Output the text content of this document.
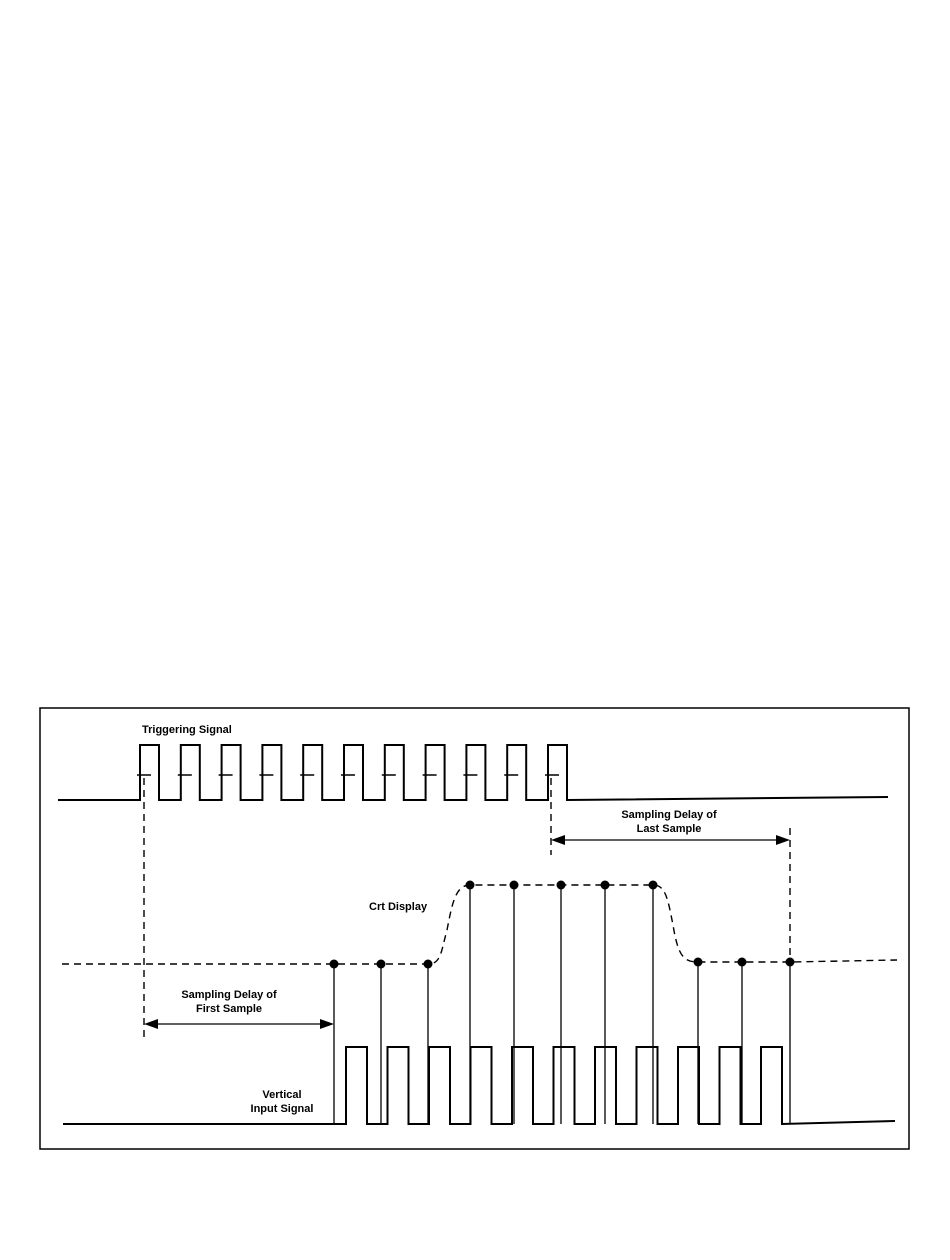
Triggering Signal
Sampling Delay of
Last Sample
Crt Display
Sampling Delay of
First Sample
Vertical
Input Signal
